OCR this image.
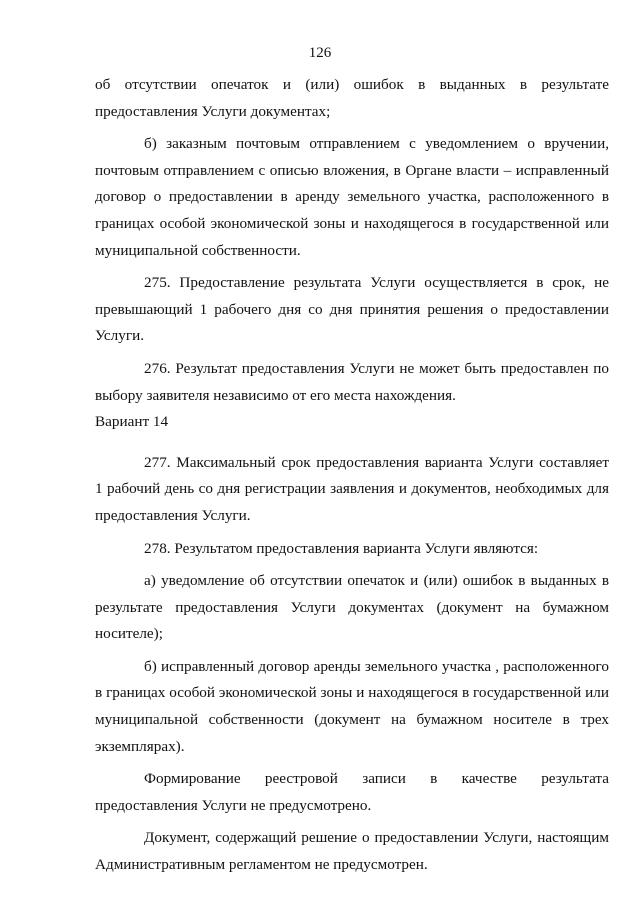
126

об отсутствии опечаток и (или) ошибок в выданных в результате предоставления Услуги документах;

б) заказным почтовым отправлением с уведомлением о вручении, почтовым отправлением с описью вложения, в Органе власти – исправленный договор о предоставлении в аренду земельного участка, расположенного в границах особой экономической зоны и находящегося в государственной или муниципальной собственности.

275. Предоставление результата Услуги осуществляется в срок, не превышающий 1 рабочего дня со дня принятия решения о предоставлении Услуги.

276. Результат предоставления Услуги не может быть предоставлен по выбору заявителя независимо от его места нахождения.

Вариант 14

277. Максимальный срок предоставления варианта Услуги составляет 1 рабочий день со дня регистрации заявления и документов, необходимых для предоставления Услуги.

278. Результатом предоставления варианта Услуги являются:

а) уведомление об отсутствии опечаток и (или) ошибок в выданных в результате предоставления Услуги документах (документ на бумажном носителе);

б) исправленный договор аренды земельного участка , расположенного в границах особой экономической зоны и находящегося в государственной или муниципальной собственности (документ на бумажном носителе в трех экземплярах).

Формирование реестровой записи в качестве результата предоставления Услуги не предусмотрено.

Документ, содержащий решение о предоставлении Услуги, настоящим Административным регламентом не предусмотрен.
